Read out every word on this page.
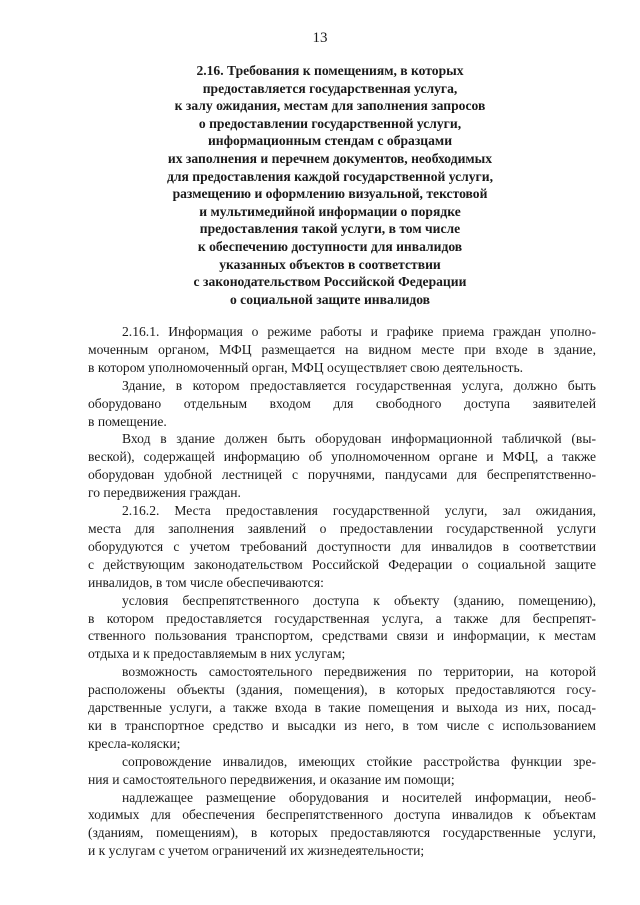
13
2.16. Требования к помещениям, в которых
предоставляется государственная услуга,
к залу ожидания, местам для заполнения запросов
о предоставлении государственной услуги,
информационным стендам с образцами
их заполнения и перечнем документов, необходимых
для предоставления каждой государственной услуги,
размещению и оформлению визуальной, текстовой
и мультимедийной информации о порядке
предоставления такой услуги, в том числе
к обеспечению доступности для инвалидов
указанных объектов в соответствии
с законодательством Российской Федерации
о социальной защите инвалидов

2.16.1. Информация о режиме работы и графике приема граждан уполно-
моченным органом, МФЦ размещается на видном месте при входе в здание,
в котором уполномоченный орган, МФЦ осуществляет свою деятельность.

Здание, в котором предоставляется государственная услуга, должно быть
оборудовано отдельным входом для свободного доступа заявителей
в помещение.

Вход в здание должен быть оборудован информационной табличкой (вы-
веской), содержащей информацию об уполномоченном органе и МФЦ, а также
оборудован удобной лестницей с поручнями, пандусами для беспрепятственно-
го передвижения граждан.

2.16.2. Места предоставления государственной услуги, зал ожидания,
места для заполнения заявлений о предоставлении государственной услуги
оборудуются с учетом требований доступности для инвалидов в соответствии
с действующим законодательством Российской Федерации о социальной защите
инвалидов, в том числе обеспечиваются:

условия беспрепятственного доступа к объекту (зданию, помещению),
в котором предоставляется государственная услуга, а также для беспрепят-
ственного пользования транспортом, средствами связи и информации, к местам
отдыха и к предоставляемым в них услугам;

возможность самостоятельного передвижения по территории, на которой
расположены объекты (здания, помещения), в которых предоставляются госу-
дарственные услуги, а также входа в такие помещения и выхода из них, посад-
ки в транспортное средство и высадки из него, в том числе с использованием
кресла-коляски;

сопровождение инвалидов, имеющих стойкие расстройства функции зре-
ния и самостоятельного передвижения, и оказание им помощи;

надлежащее размещение оборудования и носителей информации, необ-
ходимых для обеспечения беспрепятственного доступа инвалидов к объектам
(зданиям, помещениям), в которых предоставляются государственные услуги,
и к услугам с учетом ограничений их жизнедеятельности;
